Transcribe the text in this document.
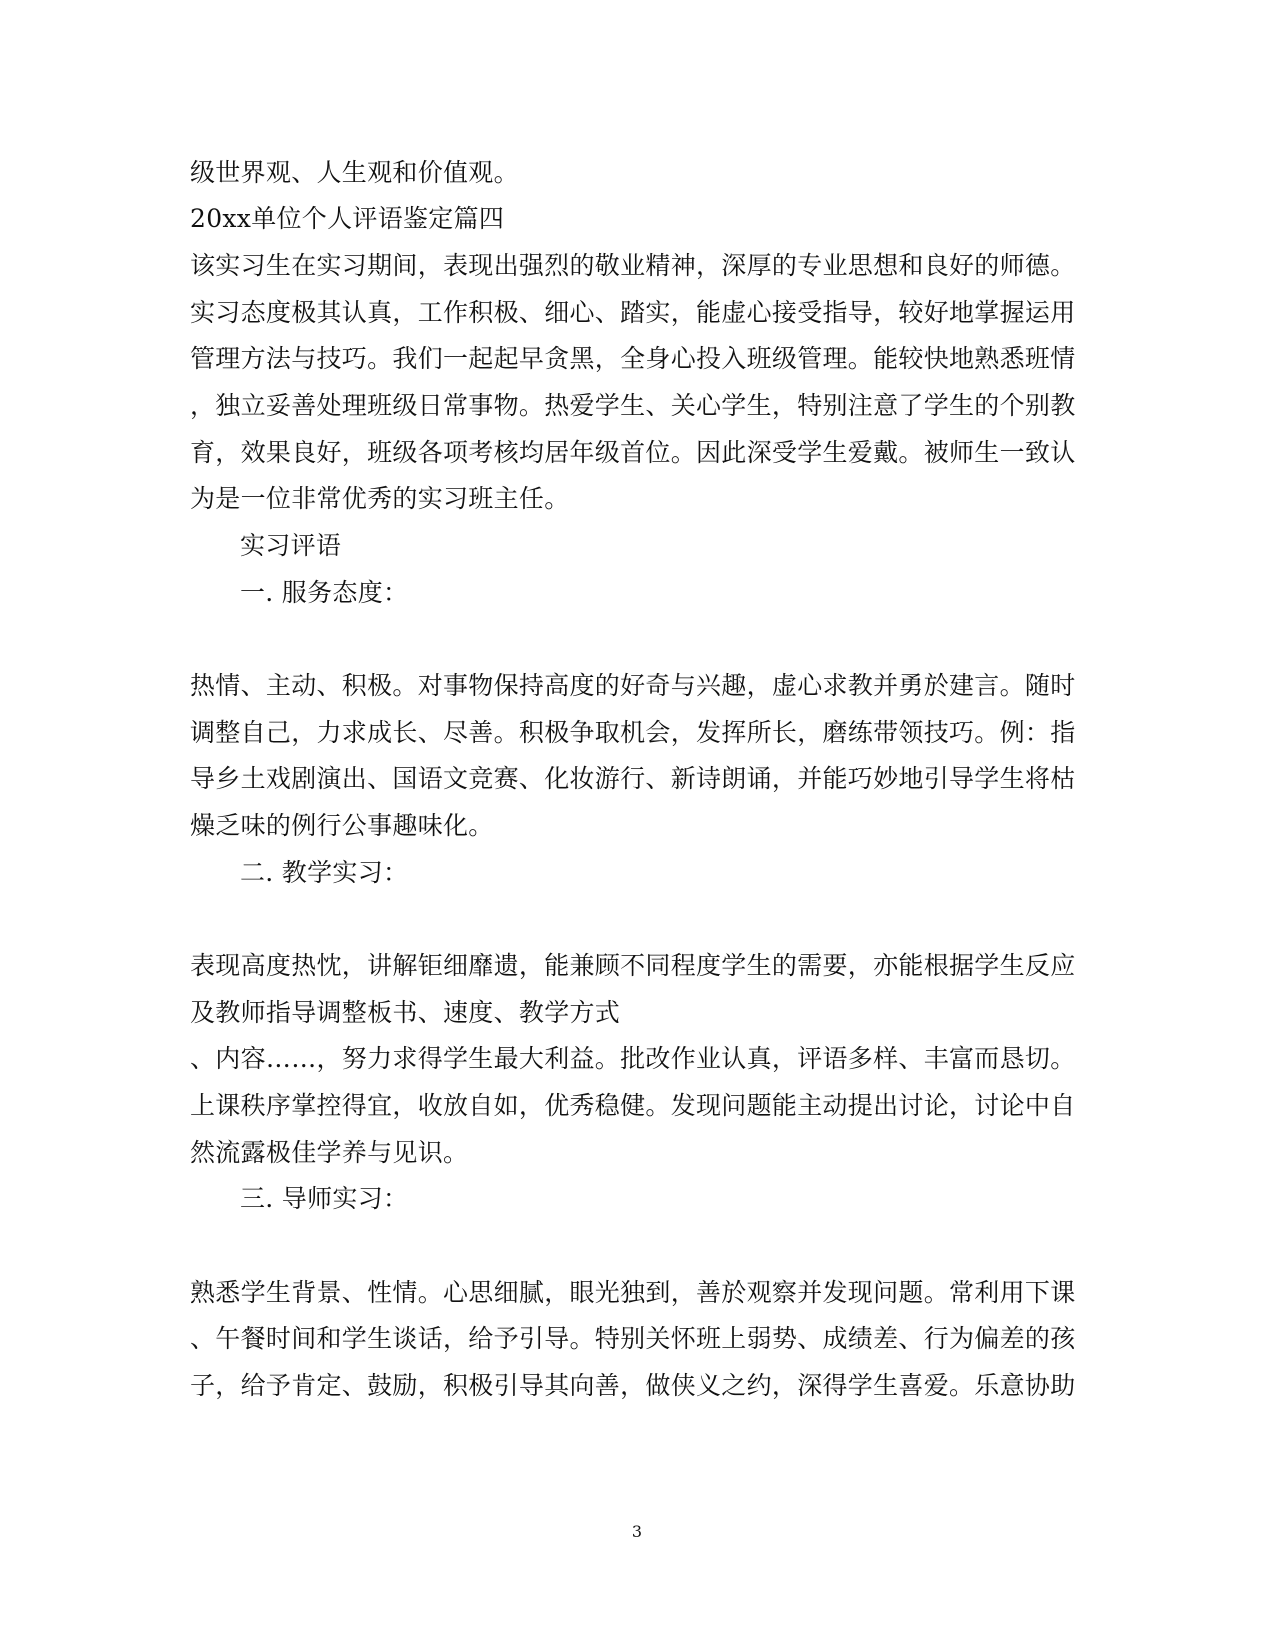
级世界观、人生观和价值观。
20xx单位个人评语鉴定篇四
该实习生在实习期间，表现出强烈的敬业精神，深厚的专业思想和良好的师德。
实习态度极其认真，工作积极、细心、踏实，能虚心接受指导，较好地掌握运用
管理方法与技巧。我们一起起早贪黑，全身心投入班级管理。能较快地熟悉班情
，独立妥善处理班级日常事物。热爱学生、关心学生，特别注意了学生的个别教
育，效果良好，班级各项考核均居年级首位。因此深受学生爱戴。被师生一致认
为是一位非常优秀的实习班主任。
实习评语
一. 服务态度：
热情、主动、积极。对事物保持高度的好奇与兴趣，虚心求教并勇於建言。随时
调整自己，力求成长、尽善。积极争取机会，发挥所长，磨练带领技巧。例：指
导乡土戏剧演出、国语文竞赛、化妆游行、新诗朗诵，并能巧妙地引导学生将枯
燥乏味的例行公事趣味化。
二. 教学实习：
表现高度热忱，讲解钜细靡遗，能兼顾不同程度学生的需要，亦能根据学生反应
及教师指导调整板书、速度、教学方式
、内容……，努力求得学生最大利益。批改作业认真，评语多样、丰富而恳切。
上课秩序掌控得宜，收放自如，优秀稳健。发现问题能主动提出讨论，讨论中自
然流露极佳学养与见识。
三. 导师实习：
熟悉学生背景、性情。心思细腻，眼光独到，善於观察并发现问题。常利用下课
、午餐时间和学生谈话，给予引导。特别关怀班上弱势、成绩差、行为偏差的孩
子，给予肯定、鼓励，积极引导其向善，做侠义之约，深得学生喜爱。乐意协助
3
